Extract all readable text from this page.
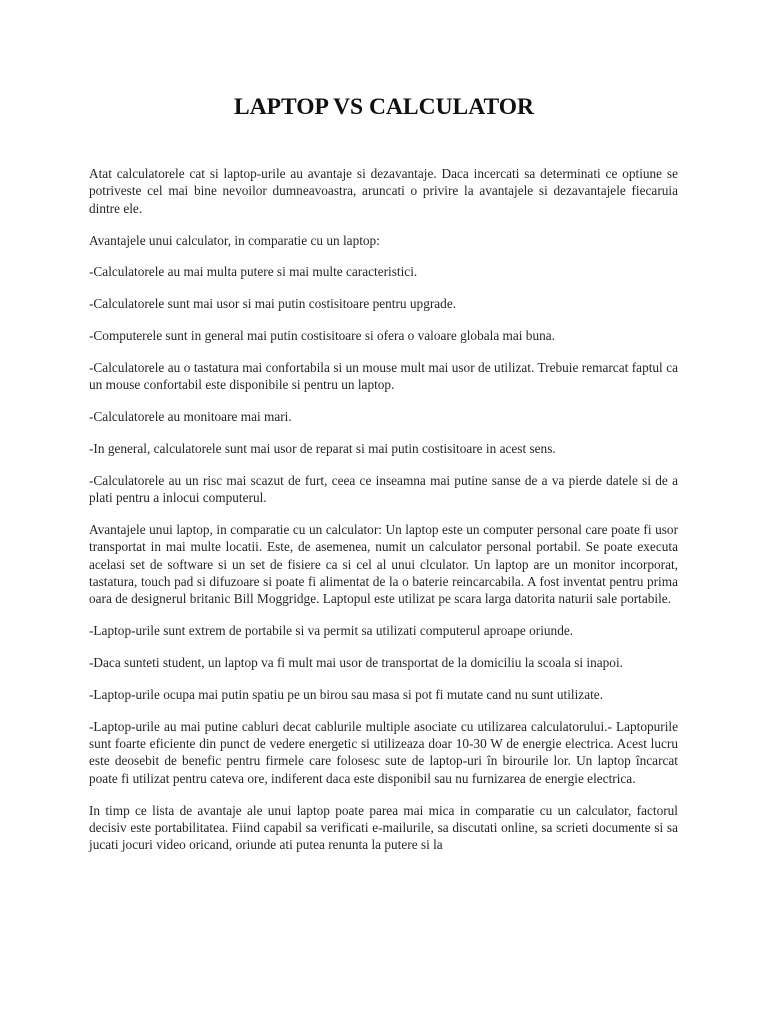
LAPTOP VS CALCULATOR

Atat calculatorele cat si laptop-urile au avantaje si dezavantaje. Daca incercati sa determinati ce optiune se potriveste cel mai bine nevoilor dumneavoastra, aruncati o privire la avantajele si dezavantajele fiecaruia dintre ele.

Avantajele unui calculator, in comparatie cu un laptop:

-Calculatorele au mai multa putere si mai multe caracteristici.

-Calculatorele sunt mai usor si mai putin costisitoare pentru upgrade.

-Computerele sunt in general mai putin costisitoare si ofera o valoare globala mai buna.

-Calculatorele au o tastatura mai confortabila si un mouse mult mai usor de utilizat. Trebuie remarcat faptul ca un mouse confortabil este disponibile si pentru un laptop.

-Calculatorele au monitoare mai mari.

-In general, calculatorele sunt mai usor de reparat si mai putin costisitoare in acest sens.

-Calculatorele au un risc mai scazut de furt, ceea ce inseamna mai putine sanse de a va pierde datele si de a plati pentru a inlocui computerul.

Avantajele unui laptop, in comparatie cu un calculator: Un laptop este un computer personal care poate fi usor transportat in mai multe locatii. Este, de asemenea, numit un calculator personal portabil. Se poate executa acelasi set de software si un set de fisiere ca si cel al unui clculator. Un laptop are un monitor incorporat, tastatura, touch pad si difuzoare si poate fi alimentat de la o baterie reincarcabila. A fost inventat pentru prima oara de designerul britanic Bill Moggridge. Laptopul este utilizat pe scara larga datorita naturii sale portabile.

-Laptop-urile sunt extrem de portabile si va permit sa utilizati computerul aproape oriunde.

-Daca sunteti student, un laptop va fi mult mai usor de transportat de la domiciliu la scoala si inapoi.

-Laptop-urile ocupa mai putin spatiu pe un birou sau masa si pot fi mutate cand nu sunt utilizate.

-Laptop-urile au mai putine cabluri decat cablurile multiple asociate cu utilizarea calculatorului.- Laptopurile sunt foarte eficiente din punct de vedere energetic si utilizeaza doar 10-30 W de energie electrica. Acest lucru este deosebit de benefic pentru firmele care folosesc sute de laptop-uri în birourile lor. Un laptop încarcat poate fi utilizat pentru cateva ore, indiferent daca este disponibil sau nu furnizarea de energie electrica.

In timp ce lista de avantaje ale unui laptop poate parea mai mica in comparatie cu un calculator, factorul decisiv este portabilitatea. Fiind capabil sa verificati e-mailurile, sa discutati online, sa scrieti documente si sa jucati jocuri video oricand, oriunde ati putea renunta la putere si la
